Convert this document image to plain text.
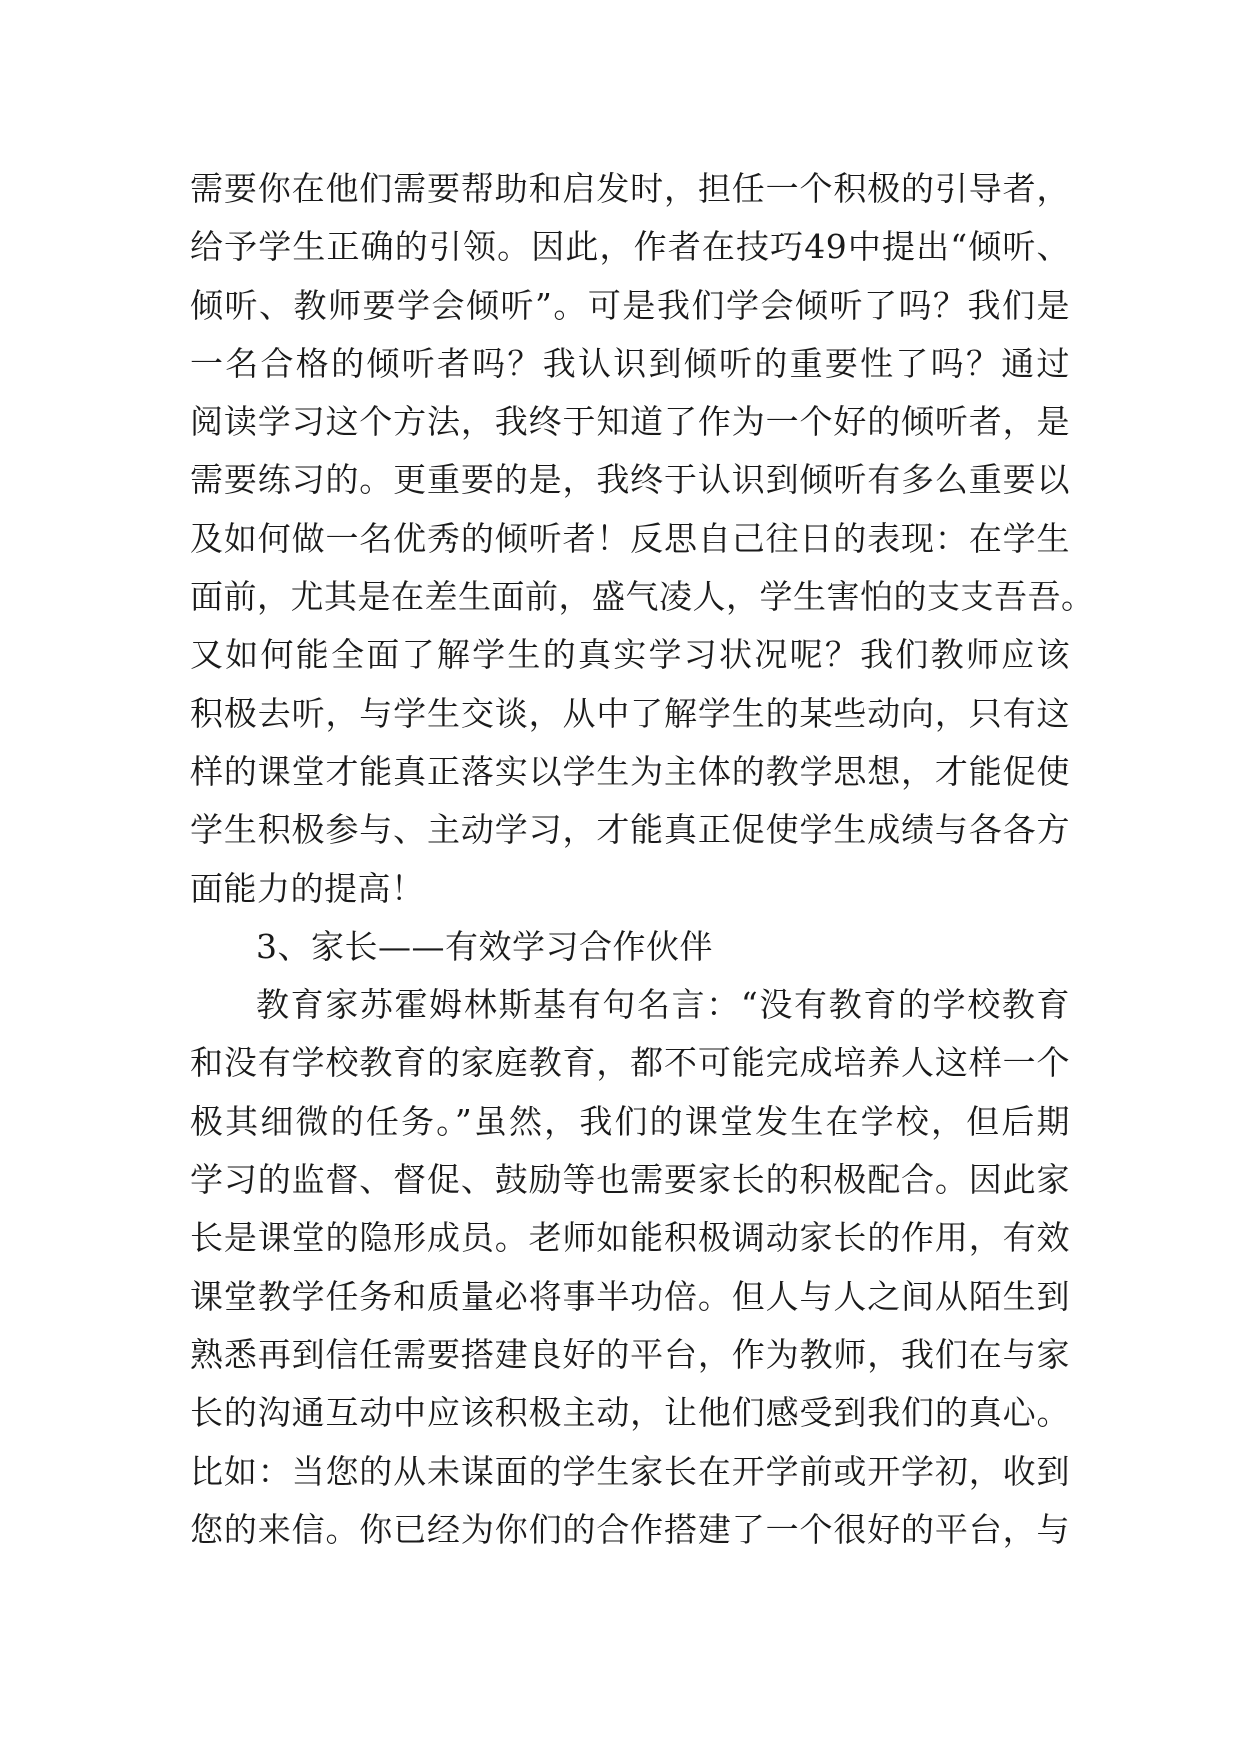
需要你在他们需要帮助和启发时，担任一个积极的引导者，
给予学生正确的引领。因此，作者在技巧49中提出“倾听、
倾听、教师要学会倾听”。可是我们学会倾听了吗？我们是
一名合格的倾听者吗？我认识到倾听的重要性了吗？通过
阅读学习这个方法，我终于知道了作为一个好的倾听者，是
需要练习的。更重要的是，我终于认识到倾听有多么重要以
及如何做一名优秀的倾听者！反思自己往日的表现：在学生
面前，尤其是在差生面前，盛气凌人，学生害怕的支支吾吾。
又如何能全面了解学生的真实学习状况呢？我们教师应该
积极去听，与学生交谈，从中了解学生的某些动向，只有这
样的课堂才能真正落实以学生为主体的教学思想，才能促使
学生积极参与、主动学习，才能真正促使学生成绩与各各方
面能力的提高！
3、家长——有效学习合作伙伴
教育家苏霍姆林斯基有句名言：“没有教育的学校教育
和没有学校教育的家庭教育，都不可能完成培养人这样一个
极其细微的任务。”虽然，我们的课堂发生在学校，但后期
学习的监督、督促、鼓励等也需要家长的积极配合。因此家
长是课堂的隐形成员。老师如能积极调动家长的作用，有效
课堂教学任务和质量必将事半功倍。但人与人之间从陌生到
熟悉再到信任需要搭建良好的平台，作为教师，我们在与家
长的沟通互动中应该积极主动，让他们感受到我们的真心。
比如：当您的从未谋面的学生家长在开学前或开学初，收到
您的来信。你已经为你们的合作搭建了一个很好的平台，与
